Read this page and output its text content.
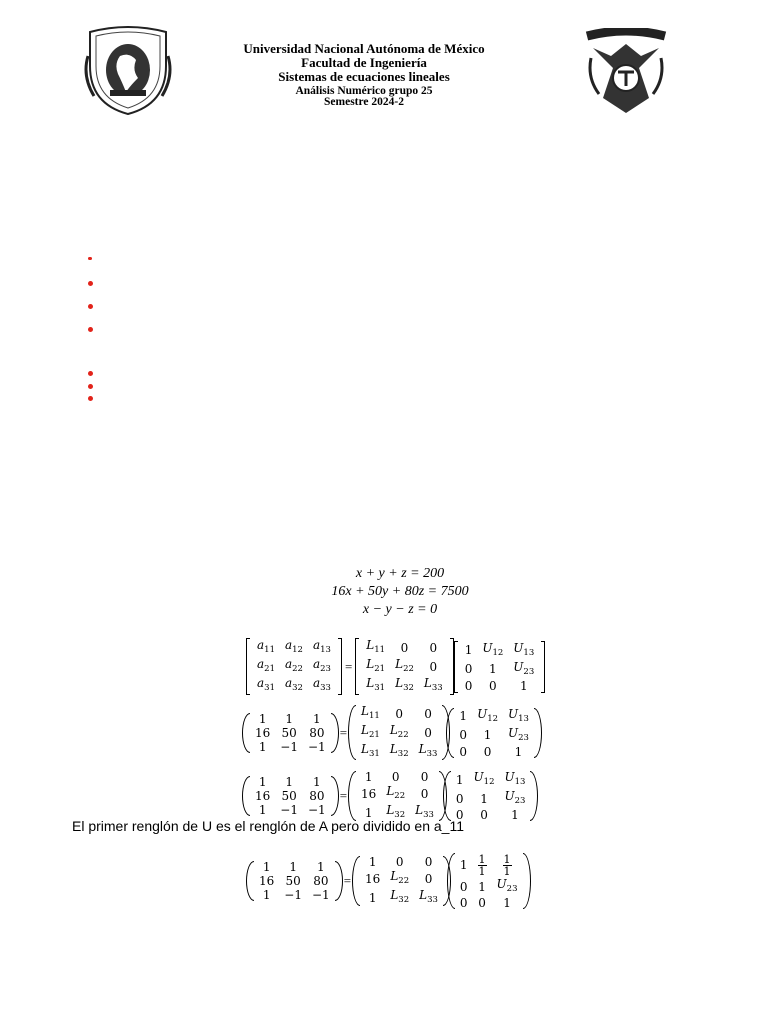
Universidad Nacional Autónoma de México
Facultad de Ingeniería
Sistemas de ecuaciones lineales
Análisis Numérico grupo 25
Semestre 2024-2
x + y + z = 200
16x + 50y + 80z = 7500
x − y − z = 0
$a_{11}$	$a_{12}$	$a_{13}$
$a_{21}$	$a_{22}$	$a_{23}$
$a_{31}$	$a_{32}$	$a_{33}$
=
$L_{11}$	0	0
$L_{21}$	$L_{22}$	0
$L_{31}$	$L_{32}$	$L_{33}$
1	$U_{12}$	$U_{13}$
0	1	$U_{23}$
0	0	1
1	1	1
16	50	80
1	−1	−1
=
$L_{11}$	0	0
$L_{21}$	$L_{22}$	0
$L_{31}$	$L_{32}$	$L_{33}$
1	$U_{12}$	$U_{13}$
0	1	$U_{23}$
0	0	1
1	1	1
16	50	80
1	−1	−1
=
1	0	0
16	$L_{22}$	0
1	$L_{32}$	$L_{33}$
1	$U_{12}$	$U_{13}$
0	1	$U_{23}$
0	0	1
El primer renglón de U es el renglón de A pero dividido en a_11
1	1	1
16	50	80
1	−1	−1
=
1	0	0
16	$L_{22}$	0
1	$L_{32}$	$L_{33}$
1	$\frac{1}{1}$	$\frac{1}{1}$

0	1	$U_{23}$
0	0	1
